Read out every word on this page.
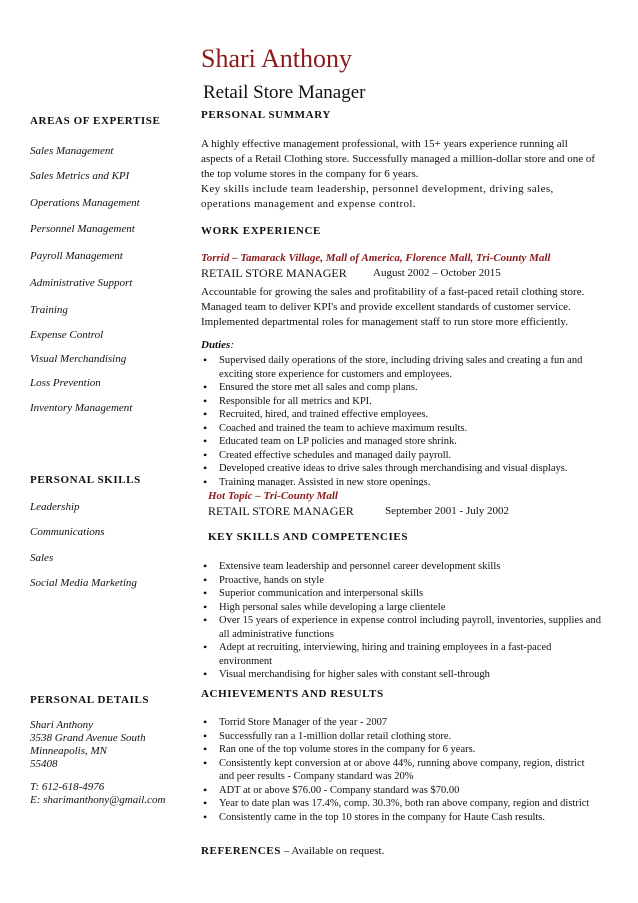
Shari Anthony
Retail Store Manager
AREAS OF EXPERTISE
Sales Management
Sales Metrics and KPI
Operations Management
Personnel Management
Payroll Management
Administrative Support
Training
Expense Control
Visual Merchandising
Loss Prevention
Inventory Management
PERSONAL SKILLS
Leadership
Communications
Sales
Social Media Marketing
PERSONAL DETAILS
Shari Anthony
3538 Grand Avenue South
Minneapolis, MN
55408
T: 612-618-4976
E: sharimanthony@gmail.com
PERSONAL SUMMARY
A highly effective management professional, with 15+ years experience running all aspects of a Retail Clothing store. Successfully managed a million-dollar store and one of the top volume stores in the company for 6 years.
Key skills include team leadership, personnel development, driving sales, operations management and expense control.
WORK EXPERIENCE
Torrid – Tamarack Village, Mall of America, Florence Mall, Tri-County Mall
RETAIL STORE MANAGER August 2002 – October 2015
Accountable for growing the sales and profitability of a fast-paced retail clothing store. Managed team to deliver KPI's and provide excellent standards of customer service. Implemented departmental roles for management staff to run store more efficiently.
Duties:
• Supervised daily operations of the store, including driving sales and creating a fun and exciting store experience for customers and employees.
• Ensured the store met all sales and comp plans.
• Responsible for all metrics and KPI.
• Recruited, hired, and trained effective employees.
• Coached and trained the team to achieve maximum results.
• Educated team on LP policies and managed store shrink.
• Created effective schedules and managed daily payroll.
• Developed creative ideas to drive sales through merchandising and visual displays.
• Training manager. Assisted in new store openings.
Hot Topic – Tri-County Mall
RETAIL STORE MANAGER	September 2001 - July 2002
KEY SKILLS AND COMPETENCIES
• Extensive team leadership and personnel career development skills
• Proactive, hands on style
• Superior communication and interpersonal skills
• High personal sales while developing a large clientele
• Over 15 years of experience in expense control including payroll, inventories, supplies and all administrative functions
• Adept at recruiting, interviewing, hiring and training employees in a fast-paced environment
• Visual merchandising for higher sales with constant sell-through
ACHIEVEMENTS AND RESULTS
• Torrid Store Manager of the year - 2007
• Successfully ran a 1-million dollar retail clothing store.
• Ran one of the top volume stores in the company for 6 years.
• Consistently kept conversion at or above 44%, running above company, region, district and peer results - Company standard was 20%
• ADT at or above $76.00 - Company standard was $70.00
• Year to date plan was 17.4%, comp. 30.3%, both ran above company, region and district
• Consistently came in the top 10 stores in the company for Haute Cash results.
REFERENCES – Available on request.
